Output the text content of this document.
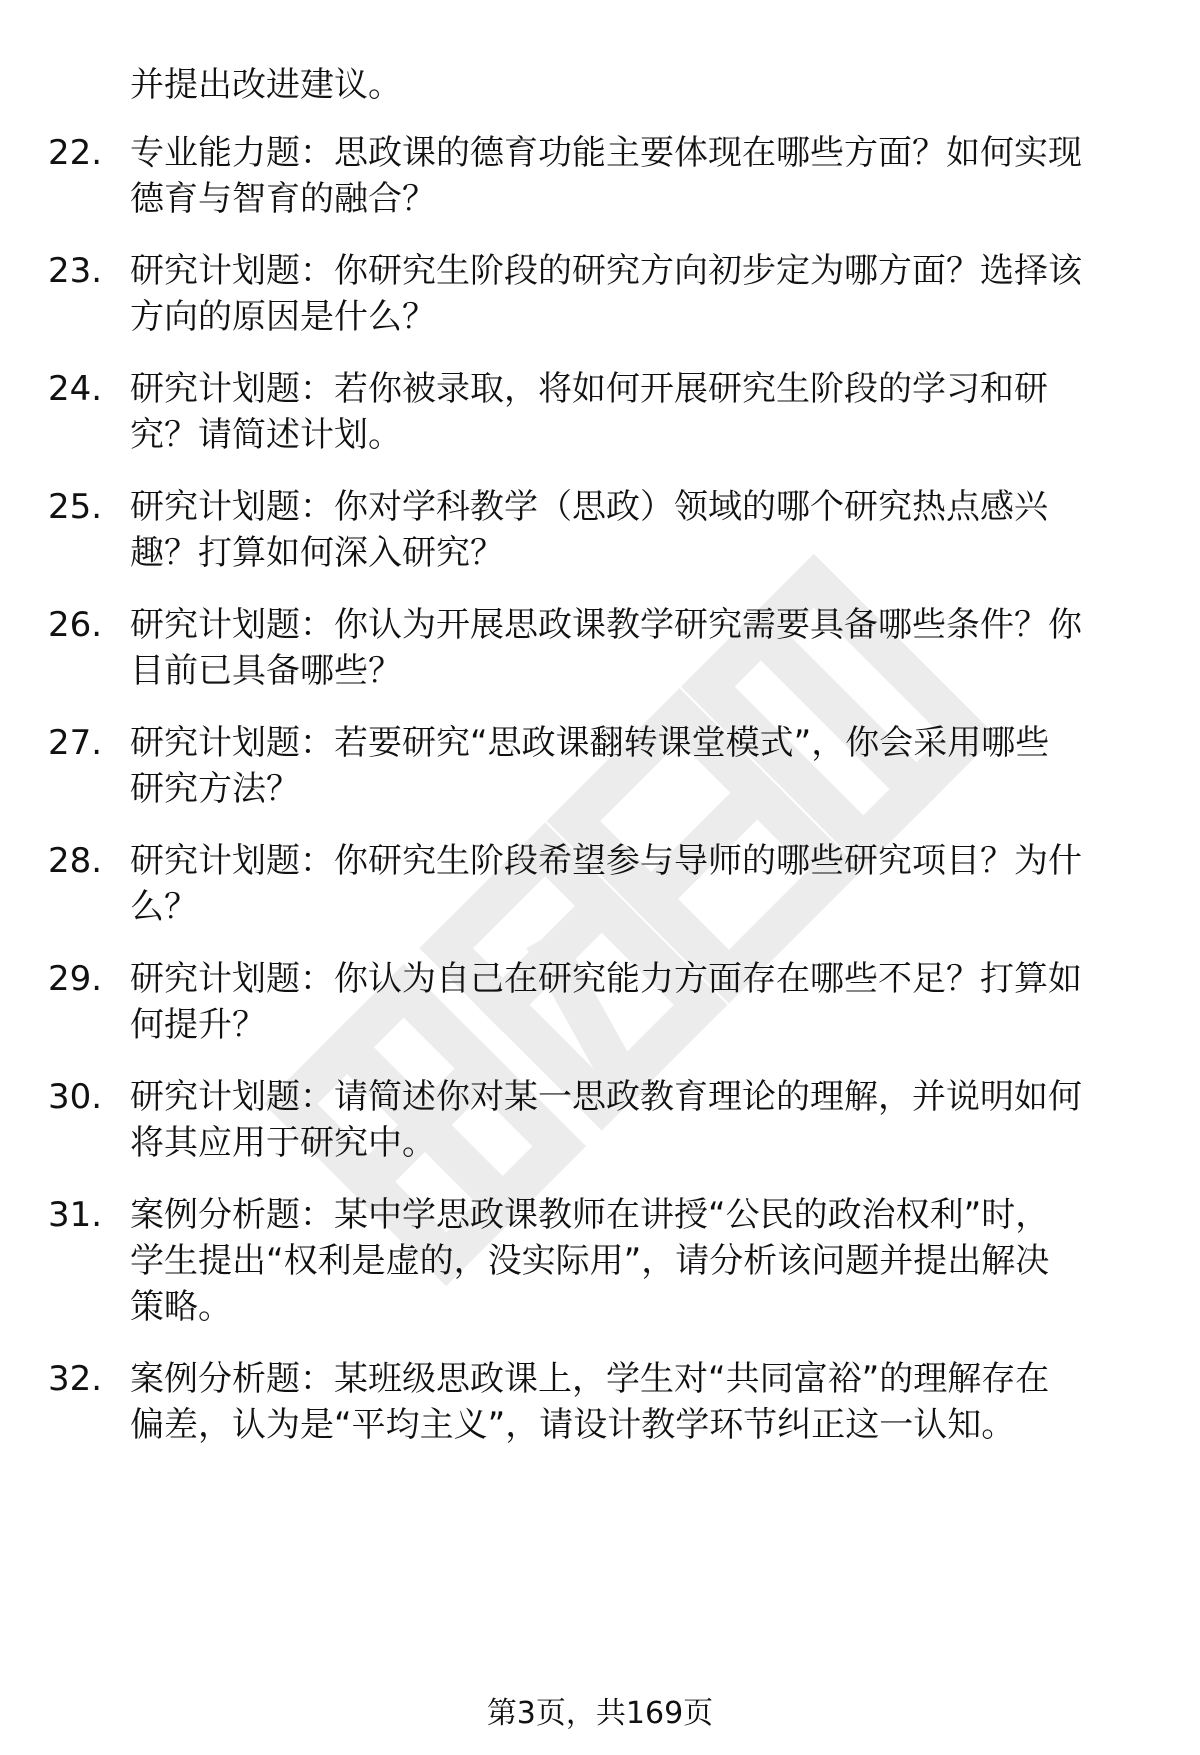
并提出改进建议。
22. 专业能力题：思政课的德育功能主要体现在哪些方面？如何实现
德育与智育的融合？
23. 研究计划题：你研究生阶段的研究方向初步定为哪方面？选择该
方向的原因是什么？
24. 研究计划题：若你被录取，将如何开展研究生阶段的学习和研
究？请简述计划。
25. 研究计划题：你对学科教学（思政）领域的哪个研究热点感兴
趣？打算如何深入研究？
26. 研究计划题：你认为开展思政课教学研究需要具备哪些条件？你
目前已具备哪些？
27. 研究计划题：若要研究“思政课翻转课堂模式”，你会采用哪些
研究方法？
28. 研究计划题：你研究生阶段希望参与导师的哪些研究项目？为什
么？
29. 研究计划题：你认为自己在研究能力方面存在哪些不足？打算如
何提升？
30. 研究计划题：请简述你对某一思政教育理论的理解，并说明如何
将其应用于研究中。
31. 案例分析题：某中学思政课教师在讲授“公民的政治权利”时，
学生提出“权利是虚的，没实际用”，请分析该问题并提出解决
策略。
32. 案例分析题：某班级思政课上，学生对“共同富裕”的理解存在
偏差，认为是“平均主义”，请设计教学环节纠正这一认知。
第3页，共169页
